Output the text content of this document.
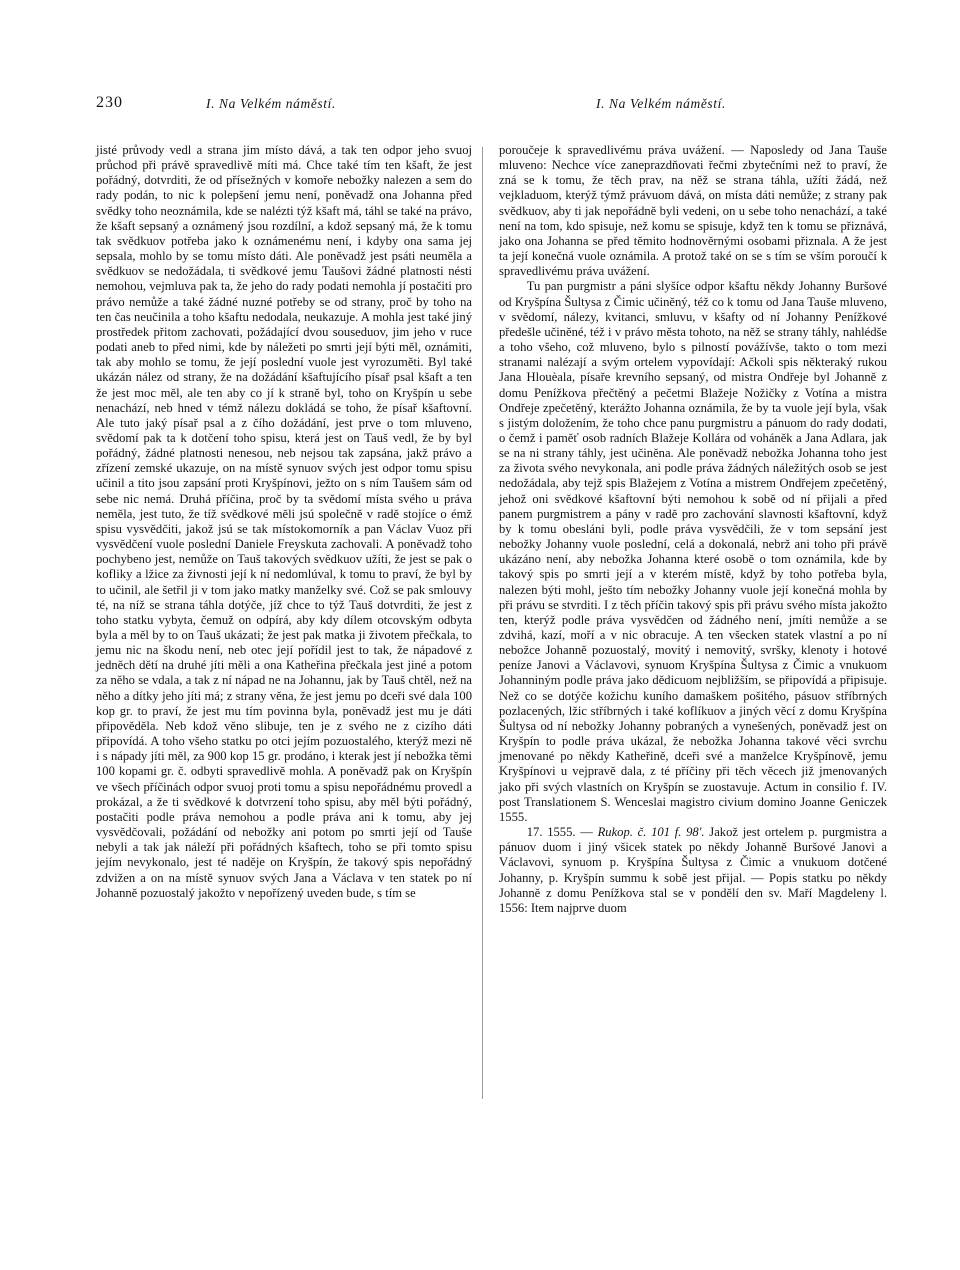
230	I. Na Velkém náměstí.	I. Na Velkém náměstí.

jisté průvody vedl a strana jim místo dává, a tak ten odpor jeho svuoj průchod při právě spravedlivě míti má. Chce také tím ten kšaft, že jest pořádný, dotvrditi, že od přísežných v komoře nebožky nalezen a sem do rady podán, to nic k polepšení jemu není, poněvadž ona Johanna před svědky toho neoznámila, kde se nalézti týž kšaft má, táhl se také na právo, že kšaft sepsaný a oznámený jsou rozdílní, a kdož sepsaný má, že k tomu tak svědkuov potřeba jako k oznámenému není, i kdyby ona sama jej sepsala, mohlo by se tomu místo dáti. Ale poněvadž jest psáti neuměla a svědkuov se nedožádala, ti svědkové jemu Taušovi žádné platnosti nésti nemohou, vejmluva pak ta, že jeho do rady podati nemohla jí postačiti pro právo nemůže a také žádné nuzné potřeby se od strany, proč by toho na ten čas neučinila a toho kšaftu nedodala, neukazuje. A mohla jest také jiný prostředek přitom zachovati, požádající dvou souseduov, jim jeho v ruce podati aneb to před nimi, kde by náležeti po smrti její býti měl, oznámiti, tak aby mohlo se tomu, že její poslední vuole jest vyrozuměti. Byl také ukázán nález od strany, že na dožádání kšaftujícího písař psal kšaft a ten že jest moc měl, ale ten aby co jí k straně byl, toho on Kryšpín u sebe nenachází, neb hned v témž nálezu dokládá se toho, že písař kšaftovní. Ale tuto jaký písař psal a z čího dožádání, jest prve o tom mluveno, svědomí pak ta k dotčení toho spisu, která jest on Tauš vedl, že by byl pořádný, žádné platnosti nenesou, neb nejsou tak zapsána, jakž právo a zřízení zemské ukazuje, on na místě synuov svých jest odpor tomu spisu učinil a tito jsou zapsání proti Kryšpínovi, ježto on s ním Taušem sám od sebe nic nemá. Druhá příčina, proč by ta svědomí místa svého u práva neměla, jest tuto, že tíž svědkové měli jsú společně v radě stojíce o émž spisu vysvědčiti, jakož jsú se tak místokomorník a pan Václav Vuoz při vysvědčení vuole poslední Daniele Freyskuta zachovali. A poněvadž toho pochybeno jest, nemůže on Tauš takových svědkuov užíti, že jest se pak o kofliky a lžice za živnosti její k ní nedomlúval, k tomu to praví, že byl by to učinil, ale šetřil ji v tom jako matky manželky své. Což se pak smlouvy té, na níž se strana táhla dotýče, jíž chce to týž Tauš dotvrditi, že jest z toho statku vybyta, čemuž on odpírá, aby kdy dílem otcovským odbyta byla a měl by to on Tauš ukázati; že jest pak matka ji životem přečkala, to jemu nic na škodu není, neb otec její pořídil jest to tak, že nápadové z jedněch dětí na druhé jíti měli a ona Katheřina přečkala jest jiné a potom za něho se vdala, a tak z ní nápad ne na Johannu, jak by Tauš chtěl, než na něho a dítky jeho jíti má; z strany věna, že jest jemu po dceři své dala 100 kop gr. to praví, že jest mu tím povinna byla, poněvadž jest mu je dáti připověděla. Neb kdož věno slibuje, ten je z svého ne z cizího dáti připovídá. A toho všeho statku po otci jejím pozuostalého, kterýž mezi ně i s nápady jíti měl, za 900 kop 15 gr. prodáno, i kterak jest jí nebožka těmi 100 kopami gr. č. odbyti spravedlivě mohla. A poněvadž pak on Kryšpín ve všech příčinách odpor svuoj proti tomu a spisu nepořádnému provedl a prokázal, a že ti svědkové k dotvrzení toho spisu, aby měl býti pořádný, postačiti podle práva nemohou a podle práva ani k tomu, aby jej vysvědčovali, požádání od nebožky ani potom po smrti její od Tauše nebyli a tak jak náleží při pořádných kšaftech, toho se při tomto spisu jejím nevykonalo, jest té naděje on Kryšpín, že takový spis nepořádný zdvižen a on na místě synuov svých Jana a Václava v ten statek po ní Johanně pozuostalý jakožto v nepořízený uveden bude, s tím se

poroučeje k spravedlivému práva uvážení. — Naposledy od Jana Tauše mluveno: Nechce více zaneprazdňovati řečmi zbytečními než to praví, že zná se k tomu, že těch prav, na něž se strana táhla, užíti žádá, než vejkladuom, kterýž týmž právuom dává, on místa dáti nemůže; z strany pak svědkuov, aby ti jak nepořádně byli vedeni, on u sebe toho nenachází, a také není na tom, kdo spisuje, než komu se spisuje, když ten k tomu se přiznává, jako ona Johanna se před těmito hodnověrnými osobami přiznala. A že jest ta její konečná vuole oznámila. A protož také on se s tím se vším poroučí k spravedlivému práva uvážení.

Tu pan purgmistr a páni slyšíce odpor kšaftu někdy Johanny Buršové od Kryšpína Šultysa z Čimic učiněný, též co k tomu od Jana Tauše mluveno, v svědomí, nálezy, kvitanci, smluvu, v kšafty od ní Johanny Penížkové předešle učiněné, též i v právo města tohoto, na něž se strany táhly, nahlédše a toho všeho, což mluveno, bylo s pilností povážívše, takto o tom mezi stranami nalézají a svým ortelem vypovídají: Ačkoli spis některaký rukou Jana Hlouèala, písaře krevního sepsaný, od mistra Ondřeje byl Johanně z domu Penížkova přečtěný a pečetmi Blažeje Nožičky z Votína a mistra Ondřeje zpečetěný, kterážto Johanna oznámila, že by ta vuole její byla, však s jistým doložením, že toho chce panu purgmistru a pánuom do rady dodati, o čemž i paměť osob radních Blažeje Kollára od voháněk a Jana Adlara, jak se na ni strany táhly, jest učiněna. Ale poněvadž nebožka Johanna toho jest za života svého nevykonala, ani podle práva žádných náležitých osob se jest nedožádala, aby tejž spis Blažejem z Votína a mistrem Ondřejem zpečetěný, jehož oni svědkové kšaftovní býti nemohou k sobě od ní přijali a před panem purgmistrem a pány v radě pro zachování slavnosti kšaftovní, když by k tomu obesláni byli, podle práva vysvědčili, že v tom sepsání jest nebožky Johanny vuole poslední, celá a dokonalá, nebrž ani toho při právě ukázáno není, aby nebožka Johanna které osobě o tom oznámila, kde by takový spis po smrti její a v kterém místě, když by toho potřeba byla, nalezen býti mohl, ješto tím nebožky Johanny vuole její konečná mohla by při právu se stvrditi. I z těch příčin takový spis při právu svého místa jakožto ten, kterýž podle práva vysvědčen od žádného není, jmíti nemůže a se zdvihá, kazí, moří a v nic obracuje. A ten všecken statek vlastní a po ní nebožce Johanně pozuostalý, movitý i nemovitý, svršky, klenoty i hotové peníze Janovi a Václavovi, synuom Kryšpína Šultysa z Čimic a vnukuom Johanniným podle práva jako dědicuom nejbližším, se připovídá a připisuje. Než co se dotýče kožichu kuního damaškem pošitého, pásuov stříbrných pozlacených, lžic stříbrných i také koflíkuov a jiných věcí z domu Kryšpína Šultysa od ní nebožky Johanny pobraných a vynešených, poněvadž jest on Kryšpín to podle práva ukázal, že nebožka Johanna takové věci svrchu jmenované po někdy Katheřině, dceři své a manželce Kryšpínově, jemu Kryšpínovi u vejpravě dala, z té příčiny při těch věcech již jmenovaných jako při svých vlastních on Kryšpín se zuostavuje. Actum in consilio f. IV. post Translationem S. Wenceslai magistro civium domino Joanne Geniczek 1555.

17. 1555. — Rukop. č. 101 f. 98'. Jakož jest ortelem p. purgmistra a pánuov duom i jiný všicek statek po někdy Johanně Buršové Janovi a Václavovi, synuom p. Kryšpína Šultysa z Čimic a vnukuom dotčené Johanny, p. Kryšpín summu k sobě jest přijal. — Popis statku po někdy Johanně z domu Penížkova stal se v pondělí den sv. Maří Magdeleny l. 1556: Item najprve duom
